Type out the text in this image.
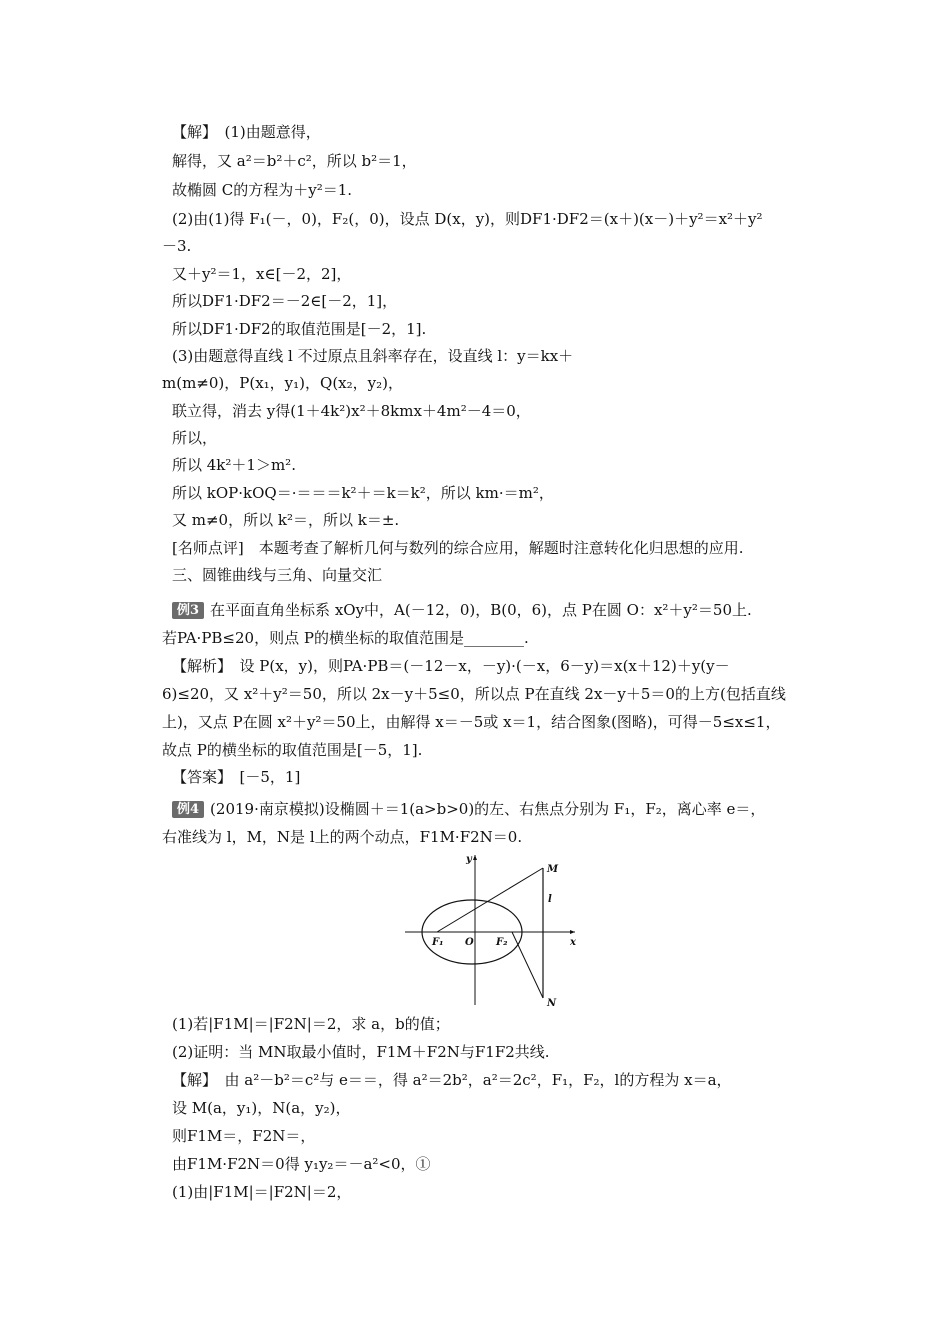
【解】　(1)由题意得，
解得，又 a²＝b²＋c²，所以 b²＝1，
故椭圆 C的方程为＋y²＝1.
(2)由(1)得 F₁(－，0)，F₂(，0)，设点 D(x，y)，则DF1·DF2＝(x＋)(x－)＋y²＝x²＋y²
－3.
又＋y²＝1，x∈[－2，2]，
所以DF1·DF2＝－2∈[－2，1]，
所以DF1·DF2的取值范围是[－2，1].
(3)由题意得直线 l 不过原点且斜率存在，设直线 l：y＝kx＋
m(m≠0)，P(x₁，y₁)，Q(x₂，y₂)，
联立得，消去 y得(1＋4k²)x²＋8kmx＋4m²－4＝0，
所以，
所以 4k²＋1＞m².
所以 kOP·kOQ＝·＝＝＝k²＋＝k＝k²，所以 km·＝m²，
又 m≠0，所以 k²＝，所以 k＝±.
[名师点评]　本题考查了解析几何与数列的综合应用，解题时注意转化化归思想的应用.
三、圆锥曲线与三角、向量交汇
例3 在平面直角坐标系 xOy中，A(－12，0)，B(0，6)，点 P在圆 O：x²＋y²＝50上.
若PA·PB≤20，则点 P的横坐标的取值范围是________.
【解析】　设 P(x，y)，则PA·PB＝(－12－x，－y)·(－x，6－y)＝x(x＋12)＋y(y－
6)≤20，又 x²＋y²＝50，所以 2x－y＋5≤0，所以点 P在直线 2x－y＋5＝0的上方(包括直线
上)，又点 P在圆 x²＋y²＝50上，由解得 x＝－5或 x＝1，结合图象(图略)，可得－5≤x≤1，
故点 P的横坐标的取值范围是[－5，1].
【答案】　[－5，1]
例4 (2019·南京模拟)设椭圆＋＝1(a>b>0)的左、右焦点分别为 F₁，F₂，离心率 e＝，
右准线为 l，M，N是 l上的两个动点，F1M·F2N＝0.
y
x
M
l
N
F₁ O F₂
(1)若|F1M|＝|F2N|＝2，求 a，b的值；
(2)证明：当 MN取最小值时，F1M＋F2N与F1F2共线.
【解】　由 a²－b²＝c²与 e＝＝，得 a²＝2b²，a²＝2c²，F₁，F₂，l的方程为 x＝a，
设 M(a，y₁)，N(a，y₂)，
则F1M＝，F2N＝，
由F1M·F2N＝0得 y₁y₂＝－a²<0，①
(1)由|F1M|＝|F2N|＝2，
